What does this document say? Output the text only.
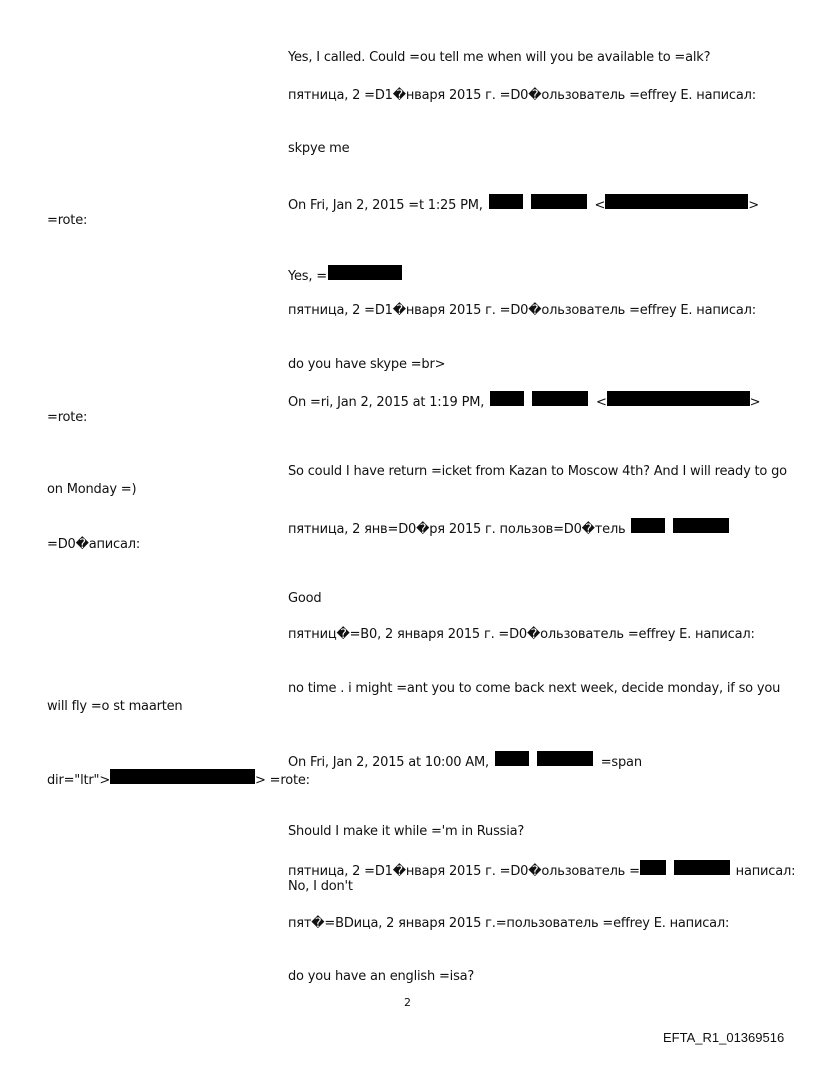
Yes, I called. Could =ou tell me when will you be available to =alk?
пятница, 2 =D1�нваря 2015 г. =D0�ользователь =effrey E. написал:
skpye me
On Fri, Jan 2, 2015 =t 1:25 PM,	<	>
=rote:
Yes, =
пятница, 2 =D1�нваря 2015 г. =D0�ользователь =effrey E. написал:
do you have skype =br>
On =ri, Jan 2, 2015 at 1:19 PM,	<	>
=rote:
So could I have return =icket from Kazan to Moscow 4th? And I will ready to go
on Monday =)
пятница, 2 янв=D0�ря 2015 г. пользов=D0�тель
=D0�аписал:
Good
пятниц�=B0, 2 января 2015 г. =D0�ользователь =effrey E. написал:
no time . i might =ant you to come back next week, decide monday, if so you
will fly =o st maarten
On Fri, Jan 2, 2015 at 10:00 AM,	=span
dir="ltr">	> =rote:
Should I make it while ='m in Russia?
пятница, 2 =D1�нваря 2015 г. =D0�ользователь =	написал:
No, I don't
пят�=BDица, 2 января 2015 г.=пользователь =effrey E. написал:
do you have an english =isa?
2
EFTA_R1_01369516
